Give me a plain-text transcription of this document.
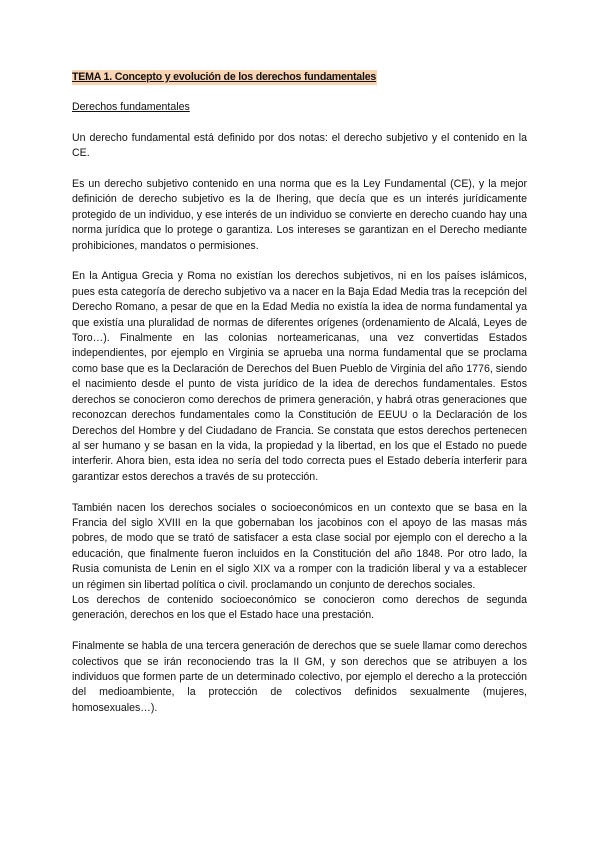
TEMA 1. Concepto y evolución de los derechos fundamentales
Derechos fundamentales

Un derecho fundamental está definido por dos notas: el derecho subjetivo y el contenido en la CE.

Es un derecho subjetivo contenido en una norma que es la Ley Fundamental (CE), y la mejor definición de derecho subjetivo es la de Ihering, que decía que es un interés jurídicamente protegido de un individuo, y ese interés de un individuo se convierte en derecho cuando hay una norma jurídica que lo protege o garantiza. Los intereses se garantizan en el Derecho mediante prohibiciones, mandatos o permisiones.

En la Antigua Grecia y Roma no existían los derechos subjetivos, ni en los países islámicos, pues esta categoría de derecho subjetivo va a nacer en la Baja Edad Media tras la recepción del Derecho Romano, a pesar de que en la Edad Media no existía la idea de norma fundamental ya que existía una pluralidad de normas de diferentes orígenes (ordenamiento de Alcalá, Leyes de Toro…). Finalmente en las colonias norteamericanas, una vez convertidas Estados independientes, por ejemplo en Virginia se aprueba una norma fundamental que se proclama como base que es la Declaración de Derechos del Buen Pueblo de Virginia del año 1776, siendo el nacimiento desde el punto de vista jurídico de la idea de derechos fundamentales. Estos derechos se conocieron como derechos de primera generación, y habrá otras generaciones que reconozcan derechos fundamentales como la Constitución de EEUU o la Declaración de los Derechos del Hombre y del Ciudadano de Francia. Se constata que estos derechos pertenecen al ser humano y se basan en la vida, la propiedad y la libertad, en los que el Estado no puede interferir. Ahora bien, esta idea no sería del todo correcta pues el Estado debería interferir para garantizar estos derechos a través de su protección.

También nacen los derechos sociales o socioeconómicos en un contexto que se basa en la Francia del siglo XVIII en la que gobernaban los jacobinos con el apoyo de las masas más pobres, de modo que se trató de satisfacer a esta clase social por ejemplo con el derecho a la educación, que finalmente fueron incluidos en la Constitución del año 1848. Por otro lado, la Rusia comunista de Lenin en el siglo XIX va a romper con la tradición liberal y va a establecer un régimen sin libertad política o civil. proclamando un conjunto de derechos sociales.

Los derechos de contenido socioeconómico se conocieron como derechos de segunda generación, derechos en los que el Estado hace una prestación.

Finalmente se habla de una tercera generación de derechos que se suele llamar como derechos colectivos que se irán reconociendo tras la II GM, y son derechos que se atribuyen a los individuos que formen parte de un determinado colectivo, por ejemplo el derecho a la protección del medioambiente, la protección de colectivos definidos sexualmente (mujeres, homosexuales…).
